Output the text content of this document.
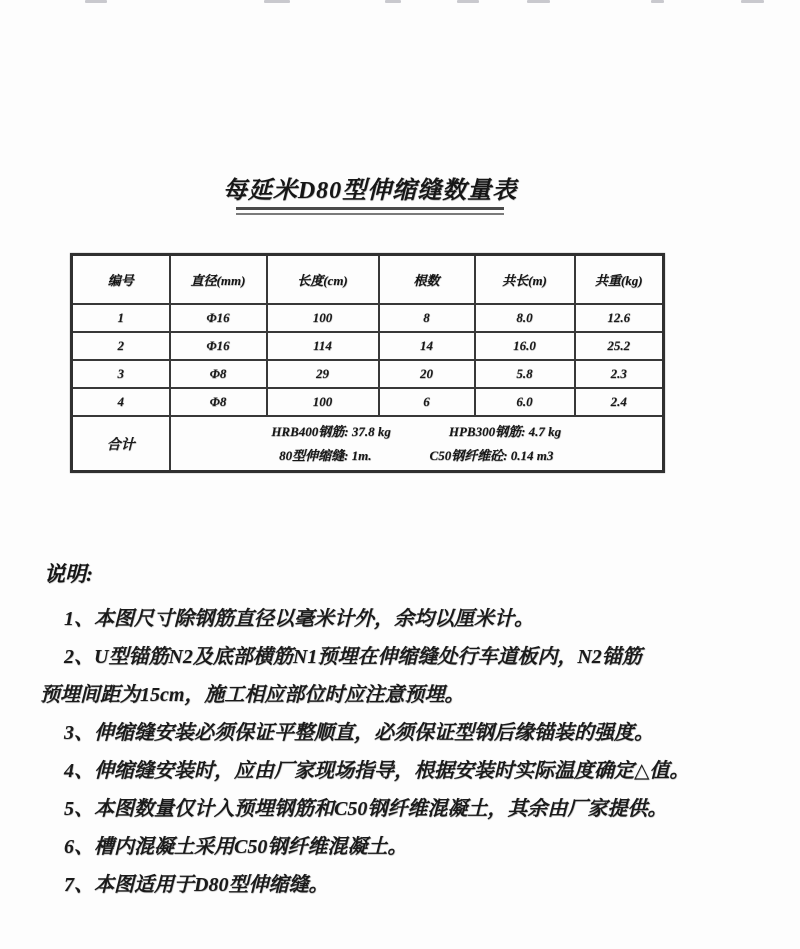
每延米D80型伸缩缝数量表
编号	直径(mm)	长度(cm)	根数	共长(m)	共重(kg)
1	Φ16	100	8	8.0	12.6
2	Φ16	114	14	16.0	25.2
3	Φ8	29	20	5.8	2.3
4	Φ8	100	6	6.0	2.4
合计	HRB400钢筋: 37.8 kg HPB300钢筋: 4.7 kg
80型伸缩缝: 1m. C50钢纤维砼: 0.14 m3				
说明:
1、本图尺寸除钢筋直径以毫米计外，余均以厘米计。
2、U型锚筋N2及底部横筋N1预埋在伸缩缝处行车道板内，N2锚筋
预埋间距为15cm，施工相应部位时应注意预埋。
3、伸缩缝安装必须保证平整顺直，必须保证型钢后缘锚装的强度。
4、伸缩缝安装时，应由厂家现场指导，根据安装时实际温度确定△值。
5、本图数量仅计入预埋钢筋和C50钢纤维混凝土，其余由厂家提供。
6、槽内混凝土采用C50钢纤维混凝土。
7、本图适用于D80型伸缩缝。
